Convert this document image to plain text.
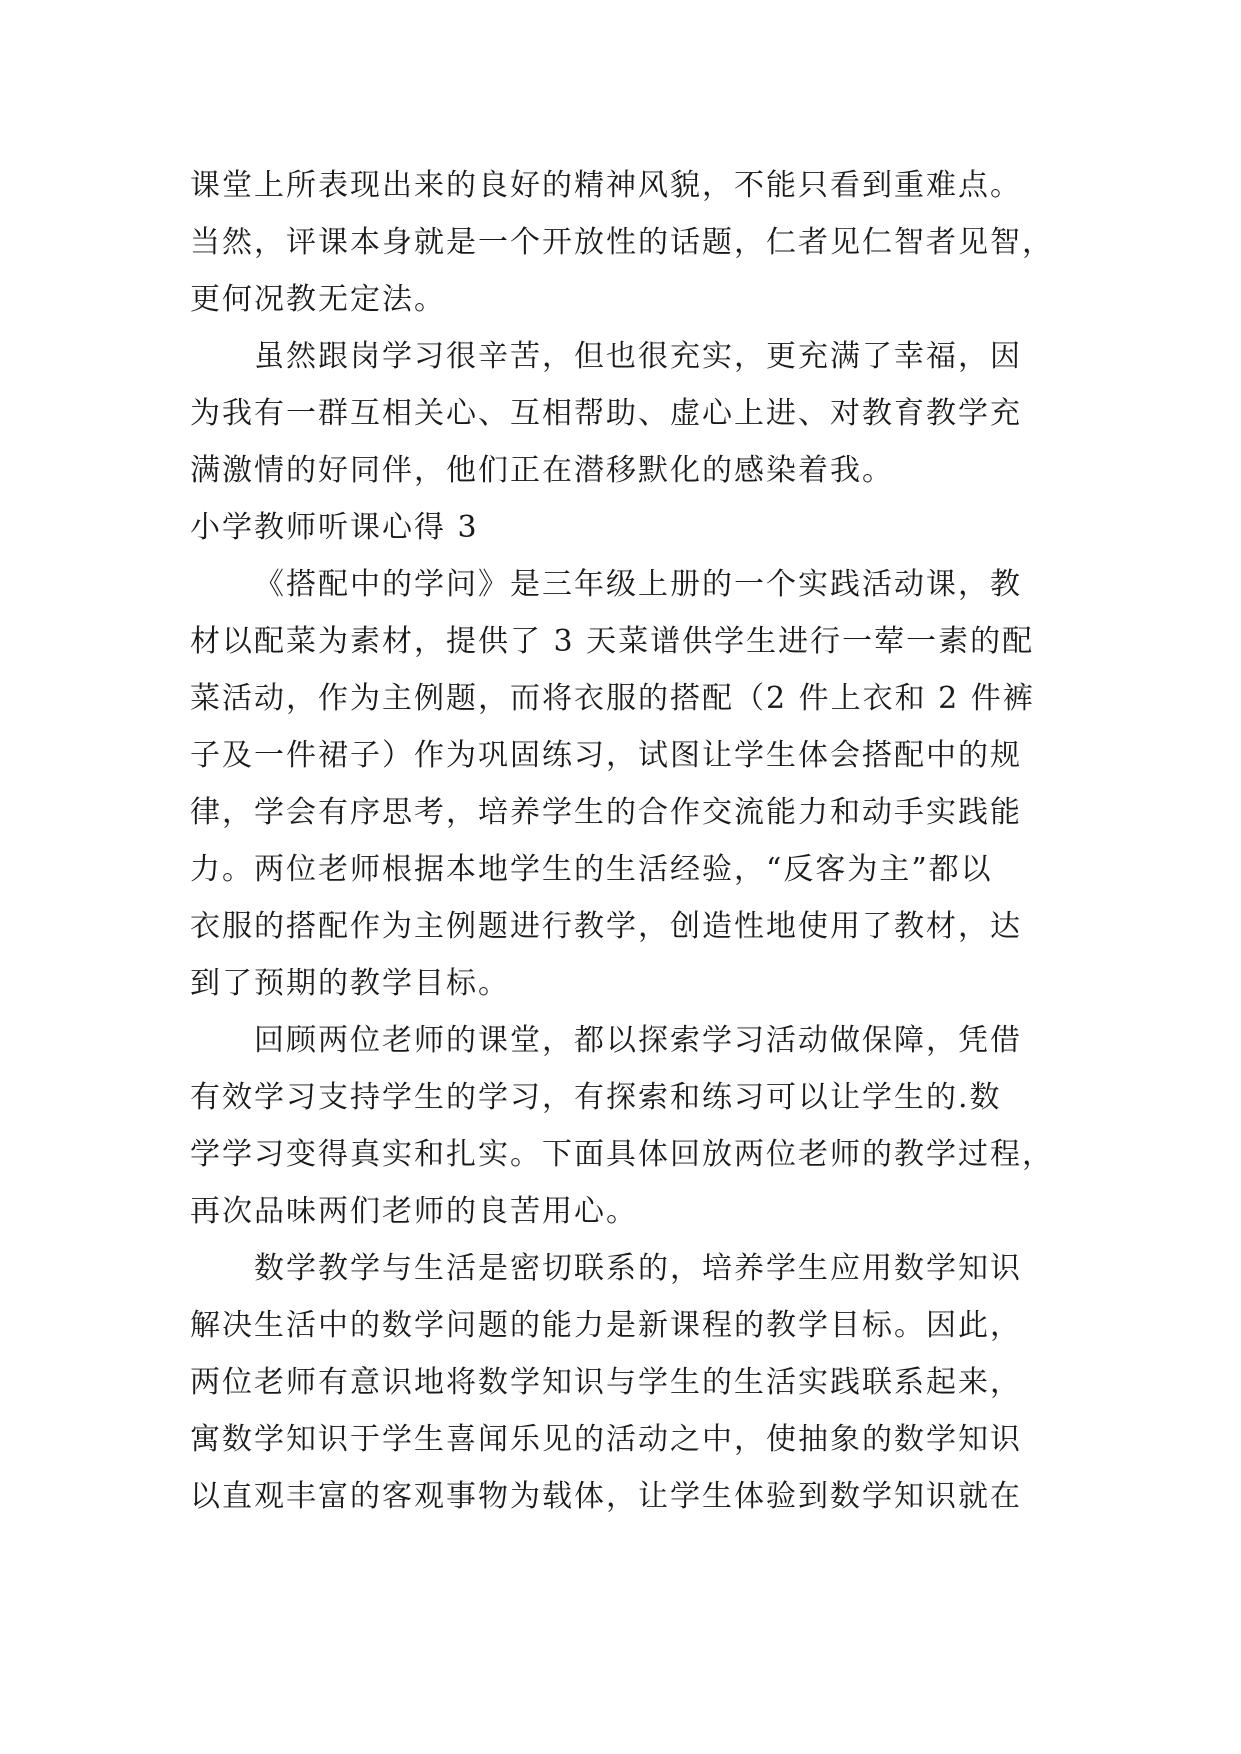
课堂上所表现出来的良好的精神风貌，不能只看到重难点。
当然，评课本身就是一个开放性的话题，仁者见仁智者见智，
更何况教无定法。
虽然跟岗学习很辛苦，但也很充实，更充满了幸福，因
为我有一群互相关心、互相帮助、虚心上进、对教育教学充
满激情的好同伴，他们正在潜移默化的感染着我。
小学教师听课心得 3
《搭配中的学问》是三年级上册的一个实践活动课，教
材以配菜为素材，提供了 3 天菜谱供学生进行一荤一素的配
菜活动，作为主例题，而将衣服的搭配（2 件上衣和 2 件裤
子及一件裙子）作为巩固练习，试图让学生体会搭配中的规
律，学会有序思考，培养学生的合作交流能力和动手实践能
力。两位老师根据本地学生的生活经验，“反客为主”都以
衣服的搭配作为主例题进行教学，创造性地使用了教材，达
到了预期的教学目标。
回顾两位老师的课堂，都以探索学习活动做保障，凭借
有效学习支持学生的学习，有探索和练习可以让学生的.数
学学习变得真实和扎实。下面具体回放两位老师的教学过程，
再次品味两们老师的良苦用心。
数学教学与生活是密切联系的，培养学生应用数学知识
解决生活中的数学问题的能力是新课程的教学目标。因此，
两位老师有意识地将数学知识与学生的生活实践联系起来，
寓数学知识于学生喜闻乐见的活动之中，使抽象的数学知识
以直观丰富的客观事物为载体，让学生体验到数学知识就在
